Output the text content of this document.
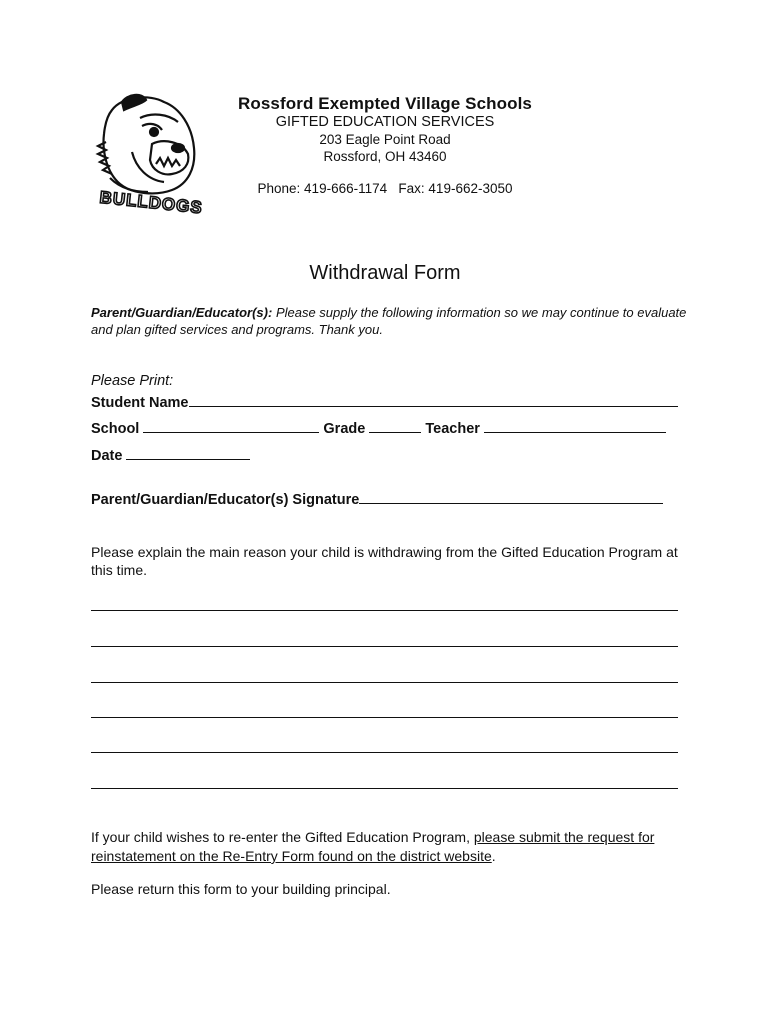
BULLDOGS
Rossford Exempted Village Schools
GIFTED EDUCATION SERVICES
203 Eagle Point Road
Rossford, OH 43460
Phone: 419-666-1174 Fax: 419-662-3050
Withdrawal Form
Parent/Guardian/Educator(s): Please supply the following information so we may continue to evaluate and plan gifted services and programs. Thank you.
Please Print:
Student Name
School	Grade	Teacher
Date
Parent/Guardian/Educator(s) Signature
Please explain the main reason your child is withdrawing from the Gifted Education Program at this time.
If your child wishes to re-enter the Gifted Education Program, please submit the request for reinstatement on the Re-Entry Form found on the district website.
Please return this form to your building principal.
